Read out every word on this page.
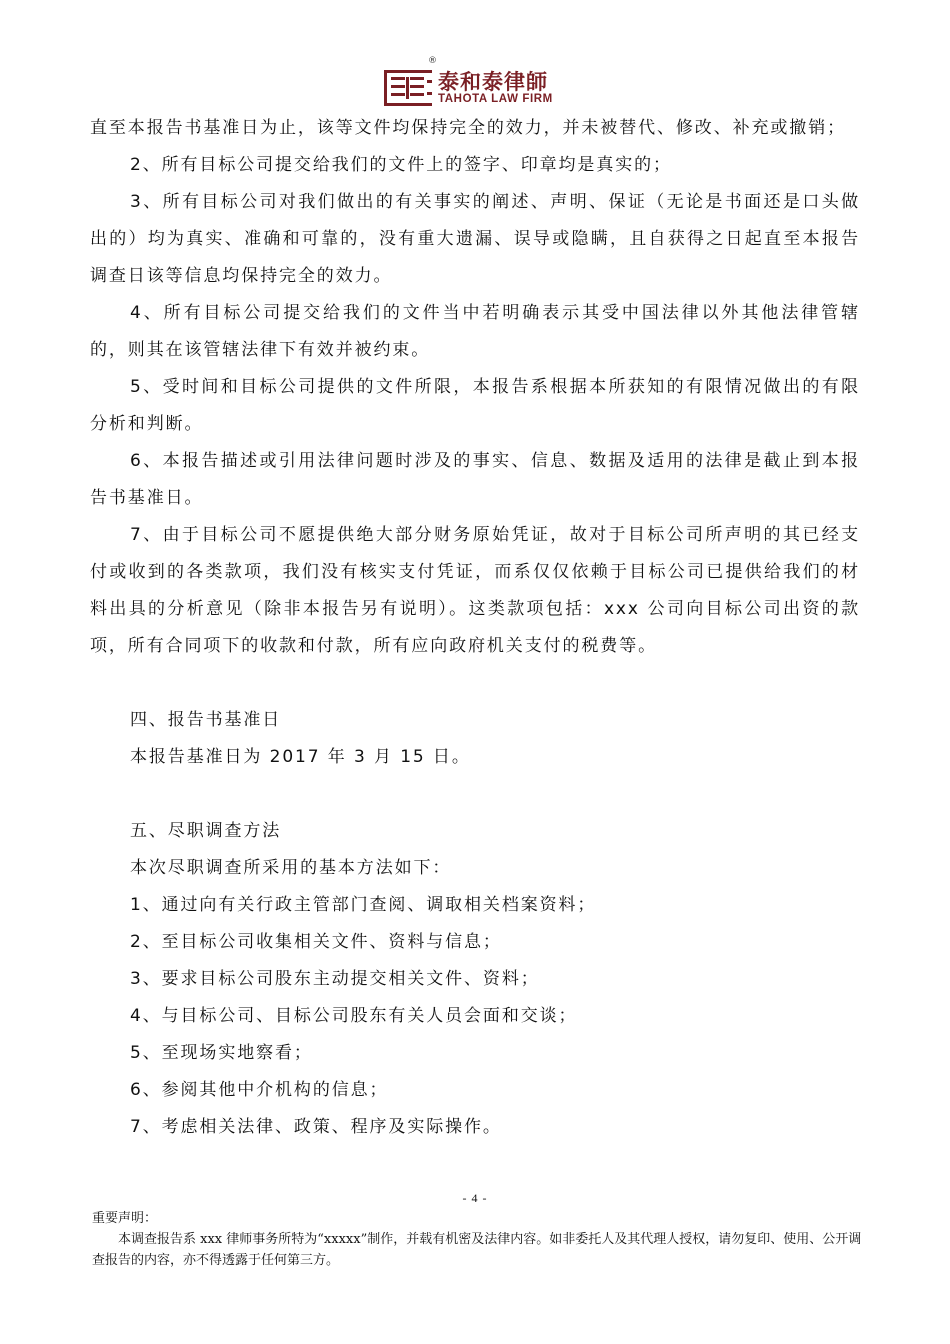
®
泰和泰律師
TAHOTA LAW FIRM

直至本报告书基准日为止，该等文件均保持完全的效力，并未被替代、修改、补充或撤销；

2、所有目标公司提交给我们的文件上的签字、印章均是真实的；

3、所有目标公司对我们做出的有关事实的阐述、声明、保证（无论是书面还是口头做出的）均为真实、准确和可靠的，没有重大遗漏、误导或隐瞒，且自获得之日起直至本报告调查日该等信息均保持完全的效力。

4、所有目标公司提交给我们的文件当中若明确表示其受中国法律以外其他法律管辖的，则其在该管辖法律下有效并被约束。

5、受时间和目标公司提供的文件所限，本报告系根据本所获知的有限情况做出的有限分析和判断。

6、本报告描述或引用法律问题时涉及的事实、信息、数据及适用的法律是截止到本报告书基准日。

7、由于目标公司不愿提供绝大部分财务原始凭证，故对于目标公司所声明的其已经支付或收到的各类款项，我们没有核实支付凭证，而系仅仅依赖于目标公司已提供给我们的材料出具的分析意见（除非本报告另有说明）。这类款项包括：xxx 公司向目标公司出资的款项，所有合同项下的收款和付款，所有应向政府机关支付的税费等。

四、报告书基准日

本报告基准日为 2017 年 3 月 15 日。

五、尽职调查方法

本次尽职调查所采用的基本方法如下：

1、通过向有关行政主管部门查阅、调取相关档案资料；

2、至目标公司收集相关文件、资料与信息；

3、要求目标公司股东主动提交相关文件、资料；

4、与目标公司、目标公司股东有关人员会面和交谈；

5、至现场实地察看；

6、参阅其他中介机构的信息；

7、考虑相关法律、政策、程序及实际操作。

- 4 -

重要声明：

本调查报告系 xxx 律师事务所特为“xxxxx”制作，并载有机密及法律内容。如非委托人及其代理人授权，请勿复印、使用、公开调查报告的内容，亦不得透露于任何第三方。
